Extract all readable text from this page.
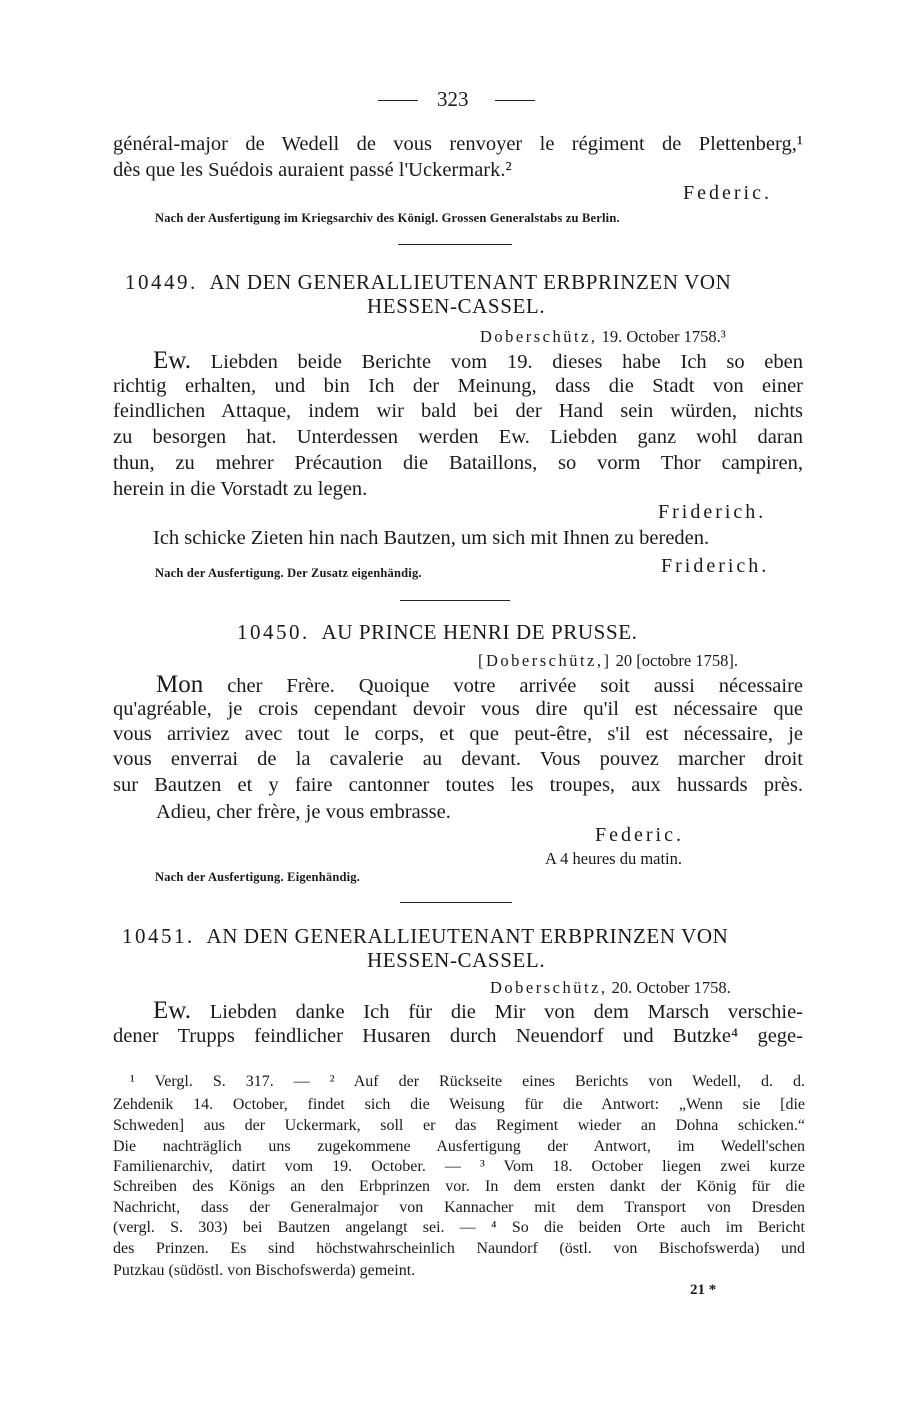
323
général-major de Wedell de vous renvoyer le régiment de Plettenberg,¹
dès que les Suédois auraient passé l'Uckermark.²
Federic.
Nach der Ausfertigung im Kriegsarchiv des Königl. Grossen Generalstabs zu Berlin.
10449. AN DEN GENERALLIEUTENANT ERBPRINZEN VON
HESSEN-CASSEL.
Doberschütz, 19. October 1758.³
Ew. Liebden beide Berichte vom 19. dieses habe Ich so eben
richtig erhalten, und bin Ich der Meinung, dass die Stadt von einer
feindlichen Attaque, indem wir bald bei der Hand sein würden, nichts
zu besorgen hat. Unterdessen werden Ew. Liebden ganz wohl daran
thun, zu mehrer Précaution die Bataillons, so vorm Thor campiren,
herein in die Vorstadt zu legen.
Friderich.
Ich schicke Zieten hin nach Bautzen, um sich mit Ihnen zu bereden.
Nach der Ausfertigung. Der Zusatz eigenhändig.	Friderich.
10450. AU PRINCE HENRI DE PRUSSE.
[Doberschütz,] 20 [octobre 1758].
Mon cher Frère. Quoique votre arrivée soit aussi nécessaire
qu'agréable, je crois cependant devoir vous dire qu'il est nécessaire que
vous arriviez avec tout le corps, et que peut-être, s'il est nécessaire, je
vous enverrai de la cavalerie au devant. Vous pouvez marcher droit
sur Bautzen et y faire cantonner toutes les troupes, aux hussards près.
Adieu, cher frère, je vous embrasse.
Federic.
A 4 heures du matin.
Nach der Ausfertigung. Eigenhändig.
10451. AN DEN GENERALLIEUTENANT ERBPRINZEN VON
HESSEN-CASSEL.
Doberschütz, 20. October 1758.
Ew. Liebden danke Ich für die Mir von dem Marsch verschie-
dener Trupps feindlicher Husaren durch Neuendorf und Butzke⁴ gege-
¹ Vergl. S. 317. — ² Auf der Rückseite eines Berichts von Wedell, d. d.
Zehdenik 14. October, findet sich die Weisung für die Antwort: „Wenn sie [die
Schweden] aus der Uckermark, soll er das Regiment wieder an Dohna schicken.“
Die nachträglich uns zugekommene Ausfertigung der Antwort, im Wedell'schen
Familienarchiv, datirt vom 19. October. — ³ Vom 18. October liegen zwei kurze
Schreiben des Königs an den Erbprinzen vor. In dem ersten dankt der König für die
Nachricht, dass der Generalmajor von Kannacher mit dem Transport von Dresden
(vergl. S. 303) bei Bautzen angelangt sei. — ⁴ So die beiden Orte auch im Bericht
des Prinzen. Es sind höchstwahrscheinlich Naundorf (östl. von Bischofswerda) und
Putzkau (südöstl. von Bischofswerda) gemeint.
21 *
